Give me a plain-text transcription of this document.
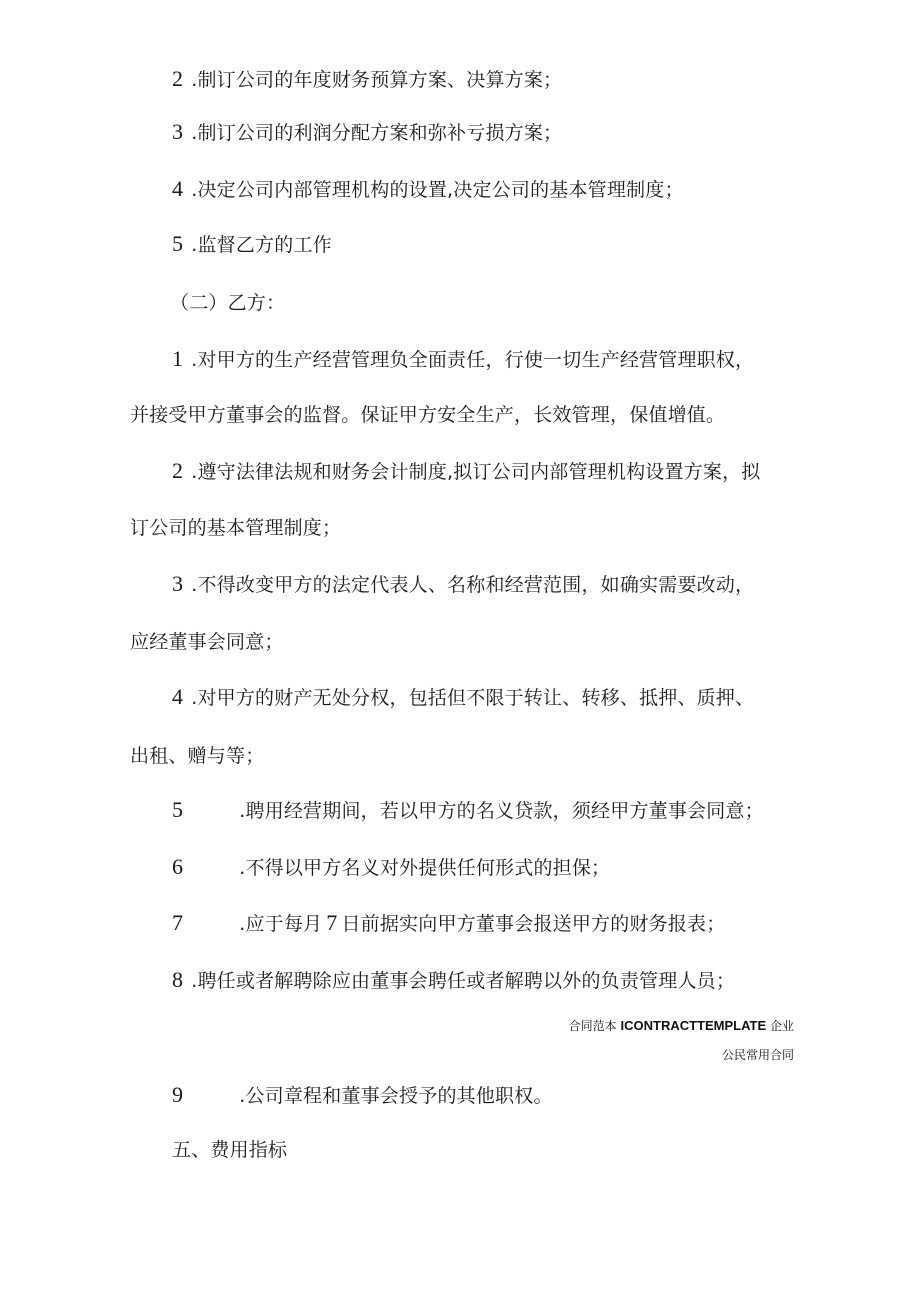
2 .制订公司的年度财务预算方案、决算方案；
3 .制订公司的利润分配方案和弥补亏损方案；
4 .决定公司内部管理机构的设置,决定公司的基本管理制度；
5 .监督乙方的工作
（二）乙方：
1 .对甲方的生产经营管理负全面责任，行使一切生产经营管理职权，
并接受甲方董事会的监督。保证甲方安全生产，长效管理，保值增值。
2 .遵守法律法规和财务会计制度,拟订公司内部管理机构设置方案，拟
订公司的基本管理制度；
3 .不得改变甲方的法定代表人、名称和经营范围，如确实需要改动，
应经董事会同意；
4 .对甲方的财产无处分权，包括但不限于转让、转移、抵押、质押、
出租、赠与等；
5	.聘用经营期间，若以甲方的名义贷款，须经甲方董事会同意；
6	.不得以甲方名义对外提供任何形式的担保；
7	.应于每月 7 日前据实向甲方董事会报送甲方的财务报表；
8 .聘任或者解聘除应由董事会聘任或者解聘以外的负责管理人员；
合同范本 ICONTRACTTEMPLATE 企业
公民常用合同
9	.公司章程和董事会授予的其他职权。
五、费用指标
